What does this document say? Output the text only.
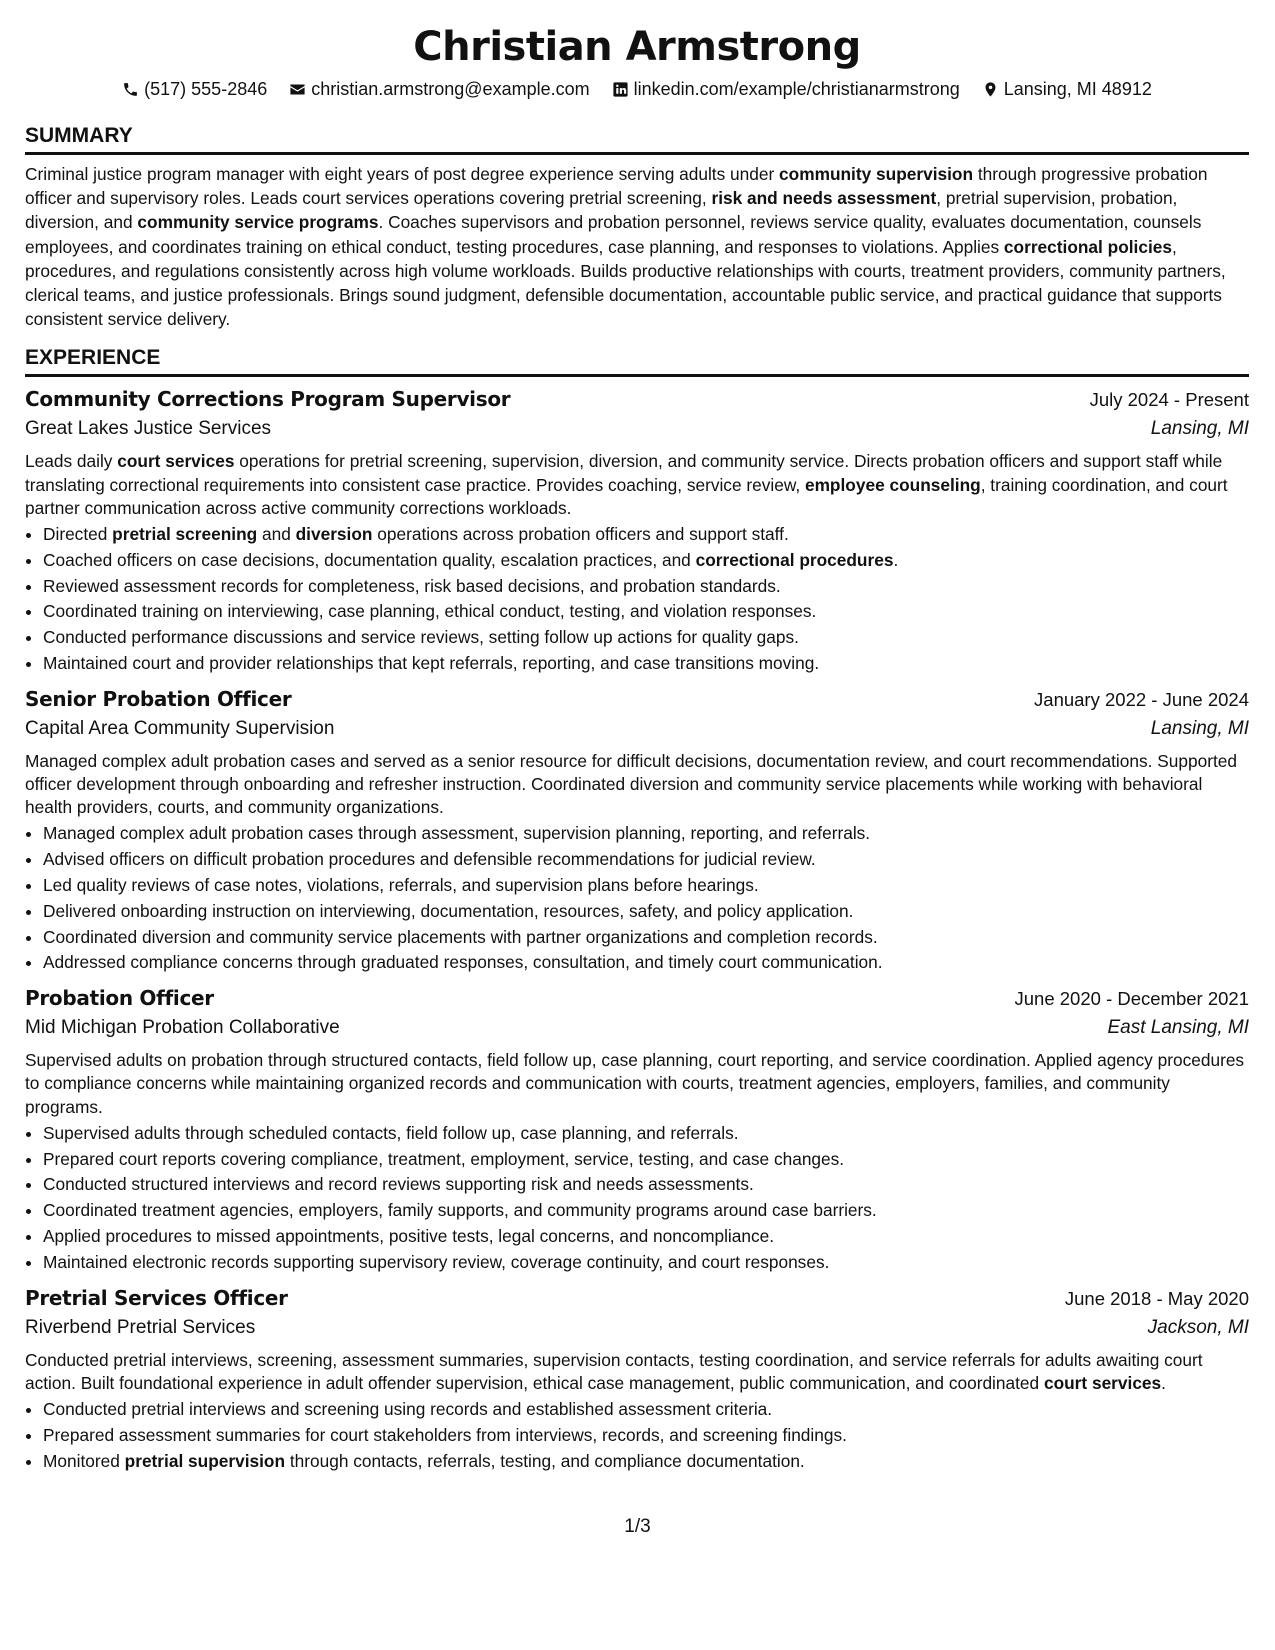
Christian Armstrong
(517) 555-2846 christian.armstrong@example.com linkedin.com/example/christianarmstrong Lansing, MI 48912
SUMMARY

Criminal justice program manager with eight years of post degree experience serving adults under community supervision through progressive probation officer and supervisory roles. Leads court services operations covering pretrial screening, risk and needs assessment, pretrial supervision, probation, diversion, and community service programs. Coaches supervisors and probation personnel, reviews service quality, evaluates documentation, counsels employees, and coordinates training on ethical conduct, testing procedures, case planning, and responses to violations. Applies correctional policies, procedures, and regulations consistently across high volume workloads. Builds productive relationships with courts, treatment providers, community partners, clerical teams, and justice professionals. Brings sound judgment, defensible documentation, accountable public service, and practical guidance that supports consistent service delivery.

EXPERIENCE
Community Corrections Program Supervisor	July 2024 - Present
Great Lakes Justice Services	Lansing, MI

Leads daily court services operations for pretrial screening, supervision, diversion, and community service. Directs probation officers and support staff while translating correctional requirements into consistent case practice. Provides coaching, service review, employee counseling, training coordination, and court partner communication across active community corrections workloads.

• Directed pretrial screening and diversion operations across probation officers and support staff.
• Coached officers on case decisions, documentation quality, escalation practices, and correctional procedures.
• Reviewed assessment records for completeness, risk based decisions, and probation standards.
• Coordinated training on interviewing, case planning, ethical conduct, testing, and violation responses.
• Conducted performance discussions and service reviews, setting follow up actions for quality gaps.
• Maintained court and provider relationships that kept referrals, reporting, and case transitions moving.
Senior Probation Officer	January 2022 - June 2024
Capital Area Community Supervision	Lansing, MI

Managed complex adult probation cases and served as a senior resource for difficult decisions, documentation review, and court recommendations. Supported officer development through onboarding and refresher instruction. Coordinated diversion and community service placements while working with behavioral health providers, courts, and community organizations.

• Managed complex adult probation cases through assessment, supervision planning, reporting, and referrals.
• Advised officers on difficult probation procedures and defensible recommendations for judicial review.
• Led quality reviews of case notes, violations, referrals, and supervision plans before hearings.
• Delivered onboarding instruction on interviewing, documentation, resources, safety, and policy application.
• Coordinated diversion and community service placements with partner organizations and completion records.
• Addressed compliance concerns through graduated responses, consultation, and timely court communication.
Probation Officer	June 2020 - December 2021
Mid Michigan Probation Collaborative	East Lansing, MI

Supervised adults on probation through structured contacts, field follow up, case planning, court reporting, and service coordination. Applied agency procedures to compliance concerns while maintaining organized records and communication with courts, treatment agencies, employers, families, and community programs.

• Supervised adults through scheduled contacts, field follow up, case planning, and referrals.
• Prepared court reports covering compliance, treatment, employment, service, testing, and case changes.
• Conducted structured interviews and record reviews supporting risk and needs assessments.
• Coordinated treatment agencies, employers, family supports, and community programs around case barriers.
• Applied procedures to missed appointments, positive tests, legal concerns, and noncompliance.
• Maintained electronic records supporting supervisory review, coverage continuity, and court responses.
Pretrial Services Officer	June 2018 - May 2020
Riverbend Pretrial Services	Jackson, MI

Conducted pretrial interviews, screening, assessment summaries, supervision contacts, testing coordination, and service referrals for adults awaiting court action. Built foundational experience in adult offender supervision, ethical case management, public communication, and coordinated court services.

• Conducted pretrial interviews and screening using records and established assessment criteria.
• Prepared assessment summaries for court stakeholders from interviews, records, and screening findings.
• Monitored pretrial supervision through contacts, referrals, testing, and compliance documentation.
1/3
